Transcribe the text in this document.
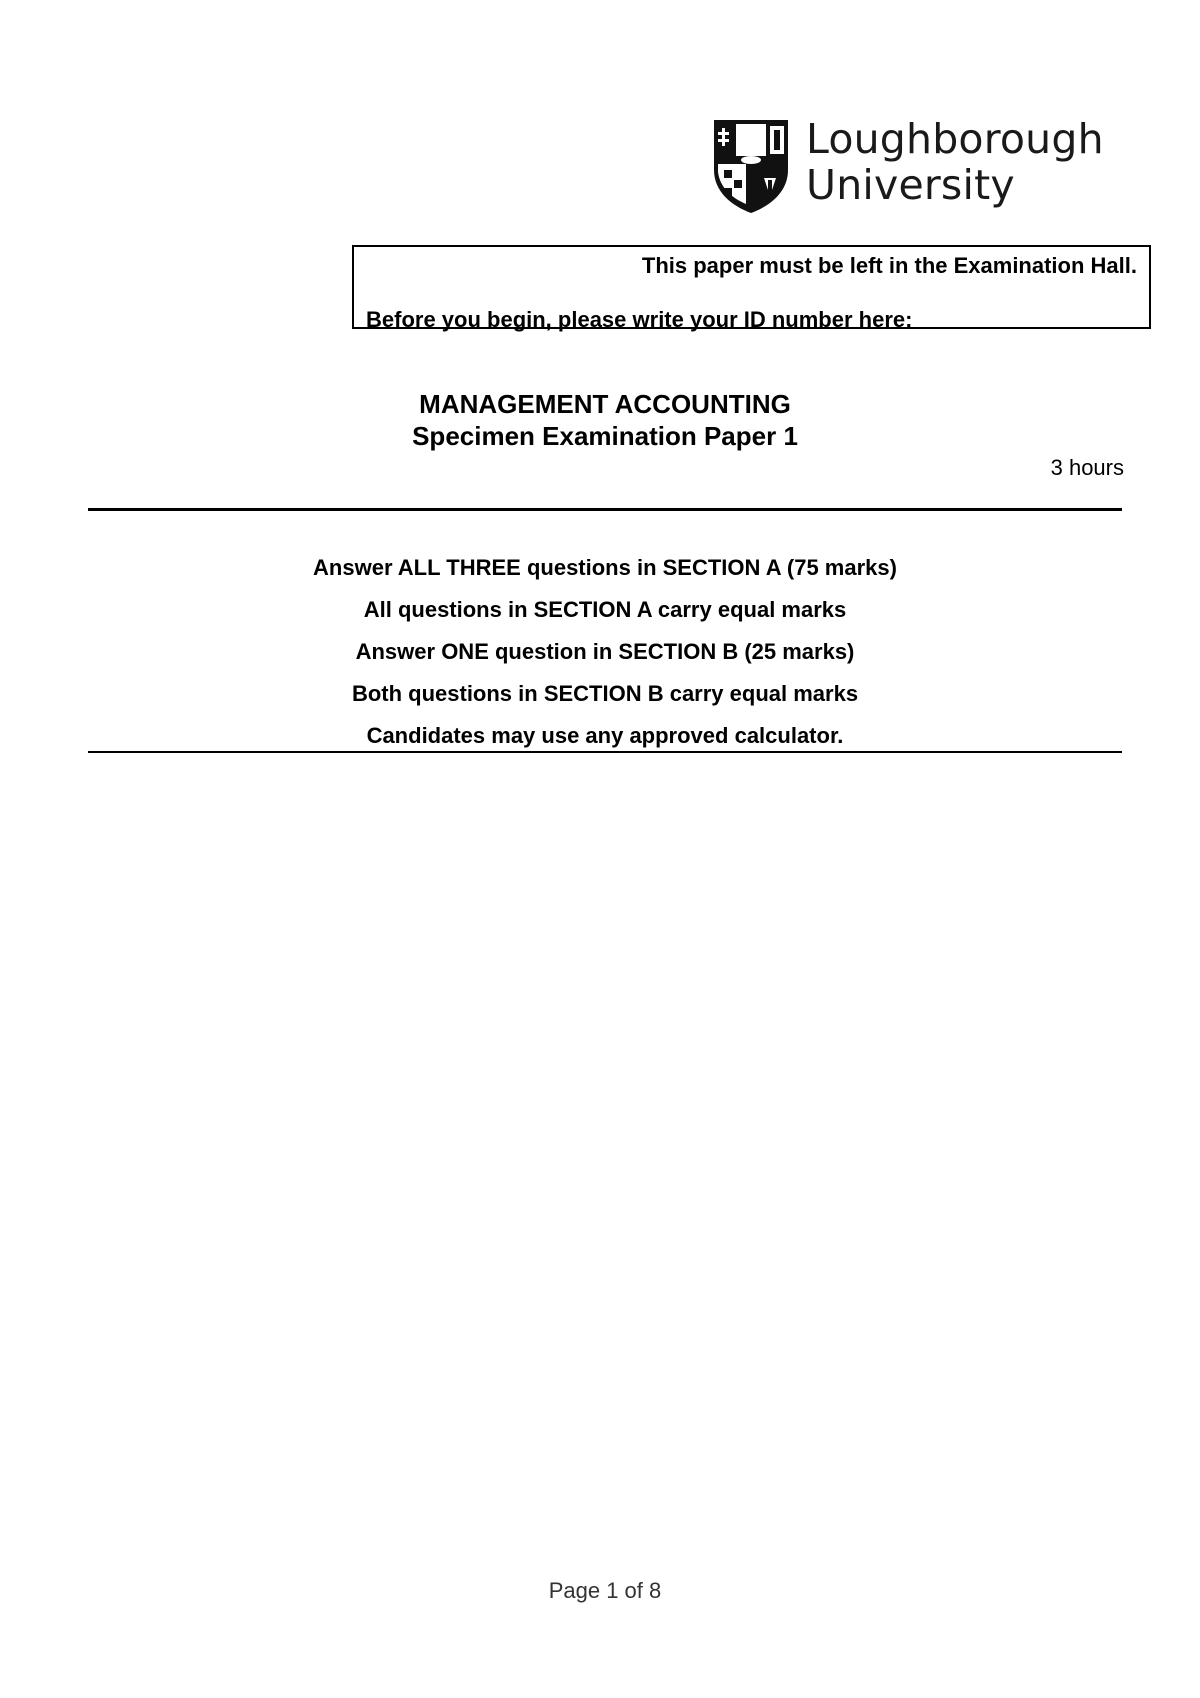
Loughborough
University
This paper must be left in the Examination Hall.
Before you begin, please write your ID number here:
MANAGEMENT ACCOUNTING
Specimen Examination Paper 1
3 hours
Answer ALL THREE questions in SECTION A (75 marks)
All questions in SECTION A carry equal marks
Answer ONE question in SECTION B (25 marks)
Both questions in SECTION B carry equal marks
Candidates may use any approved calculator.
Page 1 of 8
